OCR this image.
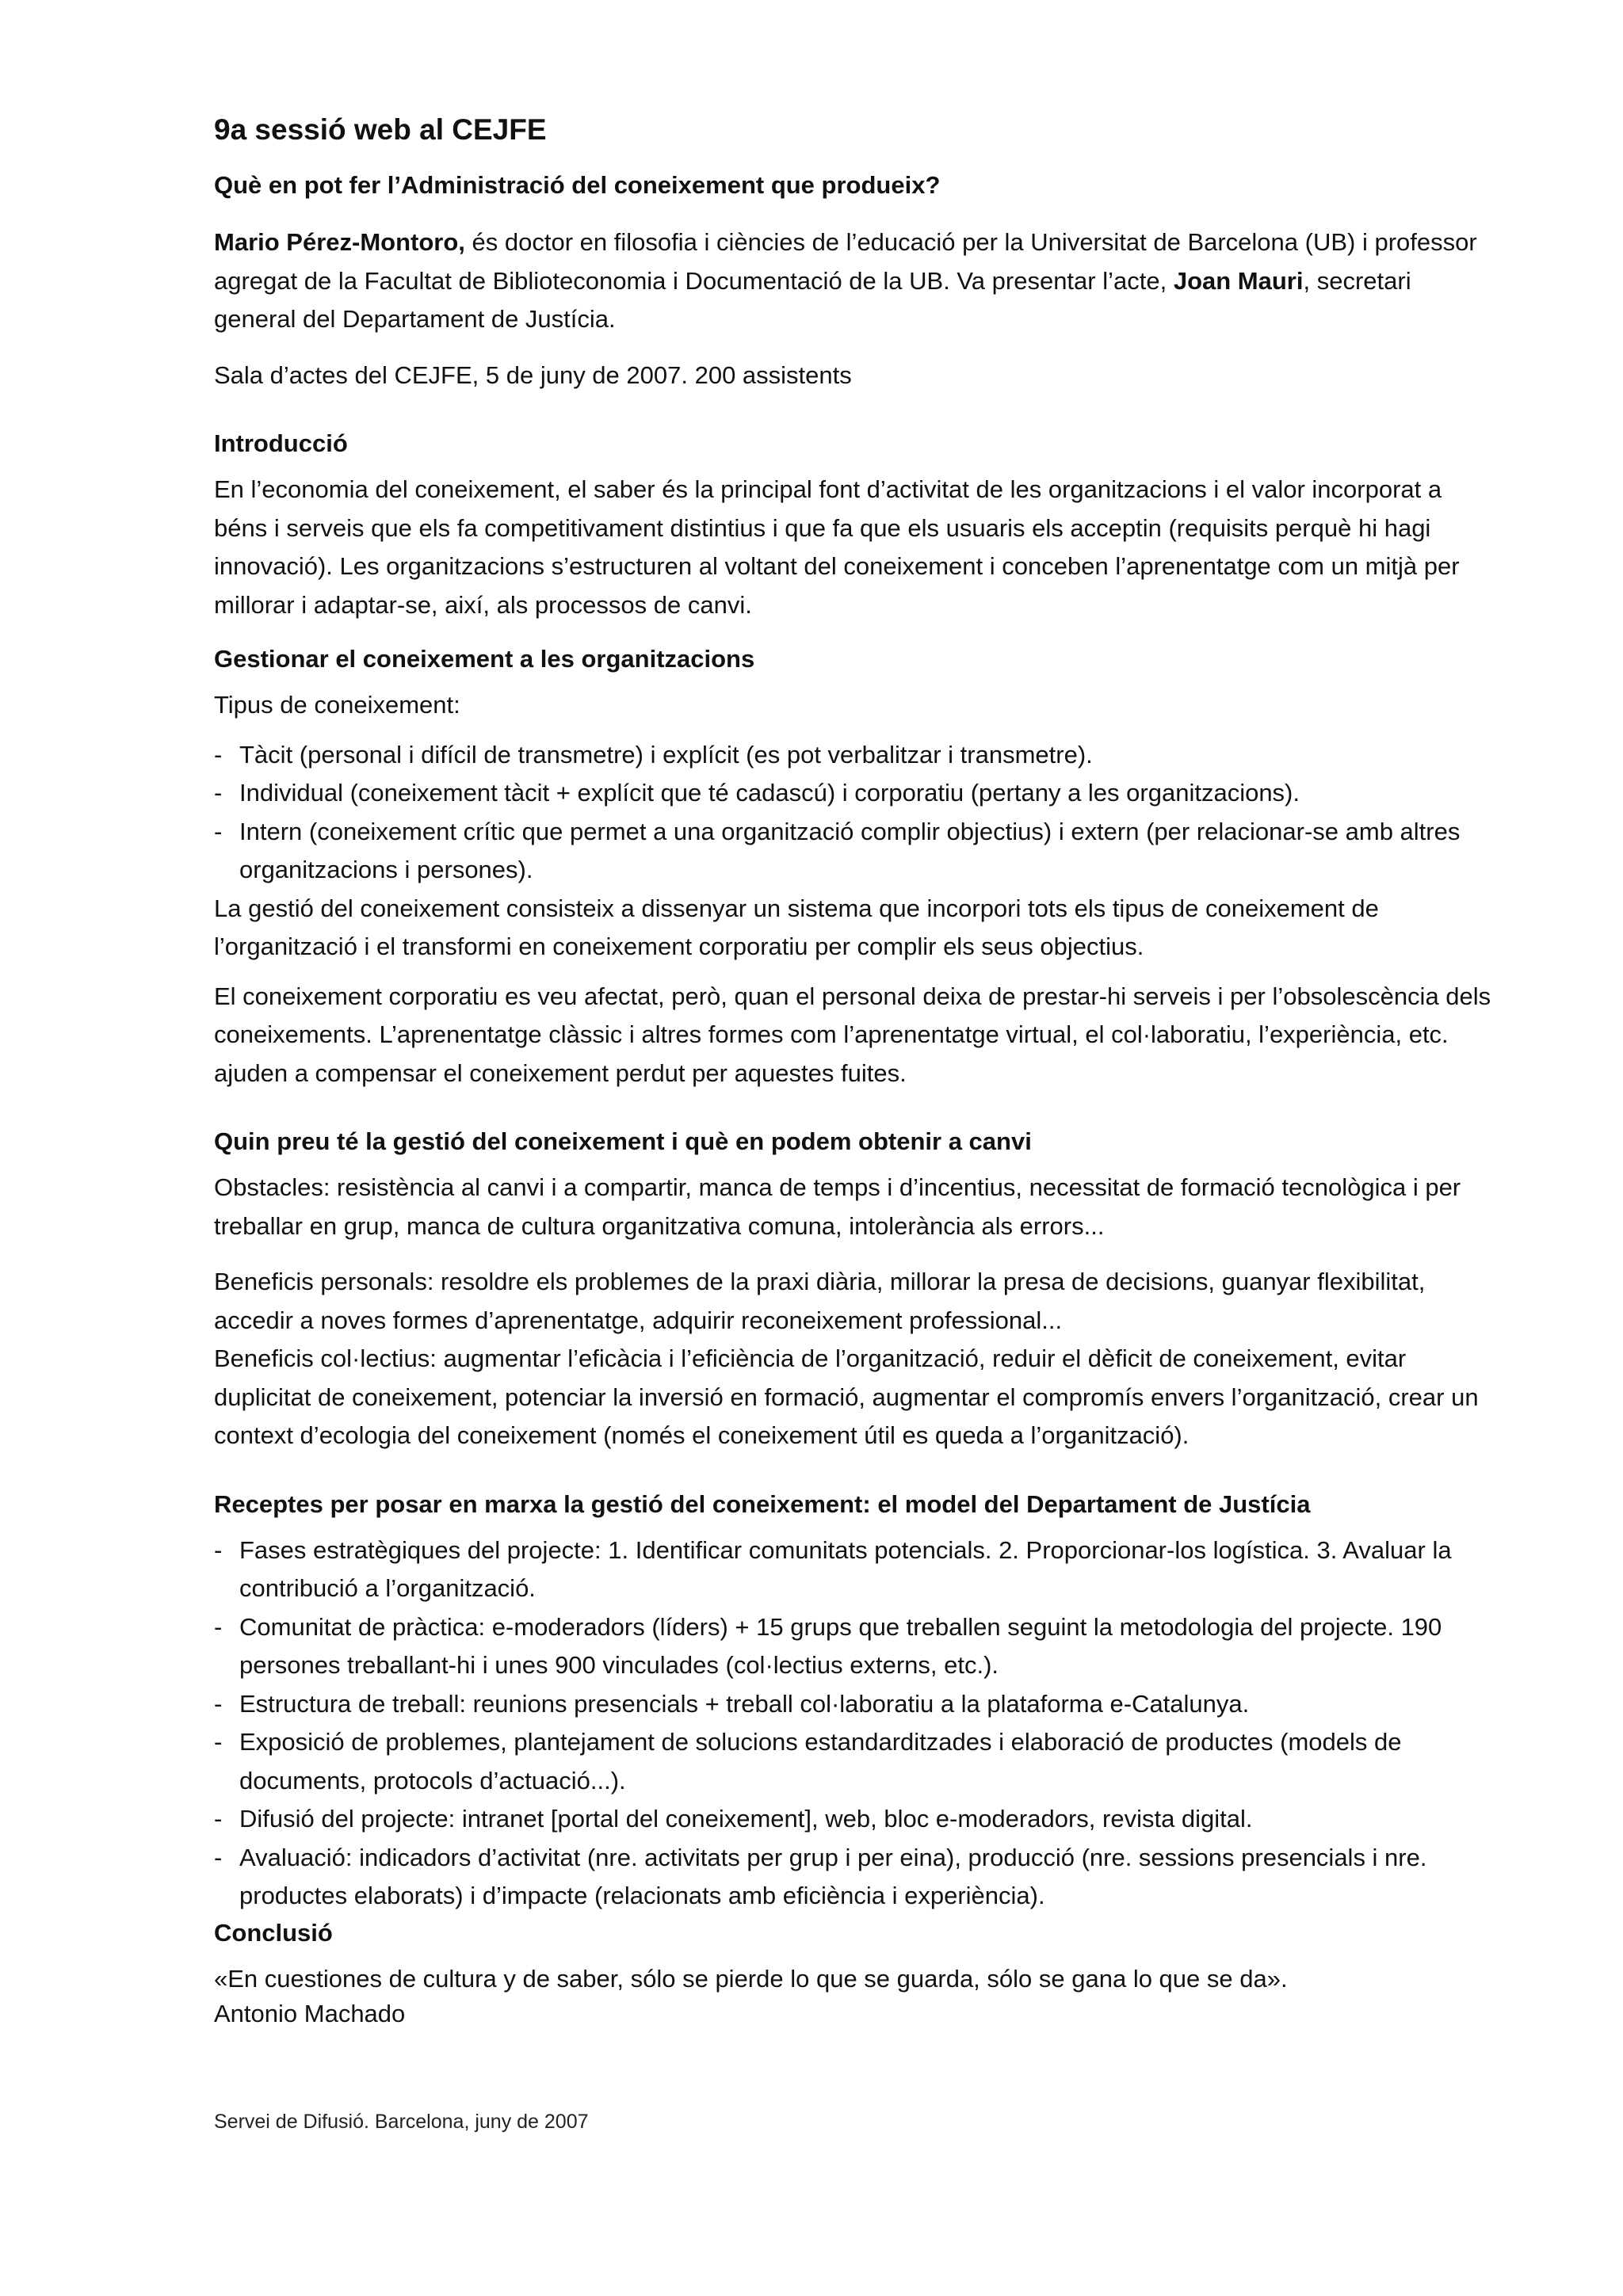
9a sessió web al CEJFE
Què en pot fer l’Administració del coneixement que produeix?

Mario Pérez-Montoro, és doctor en filosofia i ciències de l’educació per la Universitat de Barcelona (UB) i professor agregat de la Facultat de Biblioteconomia i Documentació de la UB. Va presentar l’acte, Joan Mauri, secretari general del Departament de Justícia.

Sala d’actes del CEJFE, 5 de juny de 2007. 200 assistents

Introducció

En l’economia del coneixement, el saber és la principal font d’activitat de les organitzacions i el valor incorporat a béns i serveis que els fa competitivament distintius i que fa que els usuaris els acceptin (requisits perquè hi hagi innovació). Les organitzacions s’estructuren al voltant del coneixement i conceben l’aprenentatge com un mitjà per millorar i adaptar-se, així, als processos de canvi.

Gestionar el coneixement a les organitzacions

Tipus de coneixement:

- Tàcit (personal i difícil de transmetre) i explícit (es pot verbalitzar i transmetre).
- Individual (coneixement tàcit + explícit que té cadascú) i corporatiu (pertany a les organitzacions).
- Intern (coneixement crític que permet a una organització complir objectius) i extern (per relacionar-se amb altres organitzacions i persones).

La gestió del coneixement consisteix a dissenyar un sistema que incorpori tots els tipus de coneixement de l’organització i el transformi en coneixement corporatiu per complir els seus objectius.

El coneixement corporatiu es veu afectat, però, quan el personal deixa de prestar-hi serveis i per l’obsolescència dels coneixements. L’aprenentatge clàssic i altres formes com l’aprenentatge virtual, el col·laboratiu, l’experiència, etc. ajuden a compensar el coneixement perdut per aquestes fuites.

Quin preu té la gestió del coneixement i què en podem obtenir a canvi

Obstacles: resistència al canvi i a compartir, manca de temps i d’incentius, necessitat de formació tecnològica i per treballar en grup, manca de cultura organitzativa comuna, intolerància als errors...

Beneficis personals: resoldre els problemes de la praxi diària, millorar la presa de decisions, guanyar flexibilitat, accedir a noves formes d’aprenentatge, adquirir reconeixement professional...

Beneficis col·lectius: augmentar l’eficàcia i l’eficiència de l’organització, reduir el dèficit de coneixement, evitar duplicitat de coneixement, potenciar la inversió en formació, augmentar el compromís envers l’organització, crear un context d’ecologia del coneixement (només el coneixement útil es queda a l’organització).

Receptes per posar en marxa la gestió del coneixement: el model del Departament de Justícia
- Fases estratègiques del projecte: 1. Identificar comunitats potencials. 2. Proporcionar-los logística. 3. Avaluar la contribució a l’organització.
- Comunitat de pràctica: e-moderadors (líders) + 15 grups que treballen seguint la metodologia del projecte. 190 persones treballant-hi i unes 900 vinculades (col·lectius externs, etc.).
- Estructura de treball: reunions presencials + treball col·laboratiu a la plataforma e-Catalunya.
- Exposició de problemes, plantejament de solucions estandarditzades i elaboració de productes (models de documents, protocols d’actuació...).
- Difusió del projecte: intranet [portal del coneixement], web, bloc e-moderadors, revista digital.
- Avaluació: indicadors d’activitat (nre. activitats per grup i per eina), producció (nre. sessions presencials i nre. productes elaborats) i d’impacte (relacionats amb eficiència i experiència).
Conclusió

«En cuestiones de cultura y de saber, sólo se pierde lo que se guarda, sólo se gana lo que se da».

Antonio Machado

Servei de Difusió. Barcelona, juny de 2007
